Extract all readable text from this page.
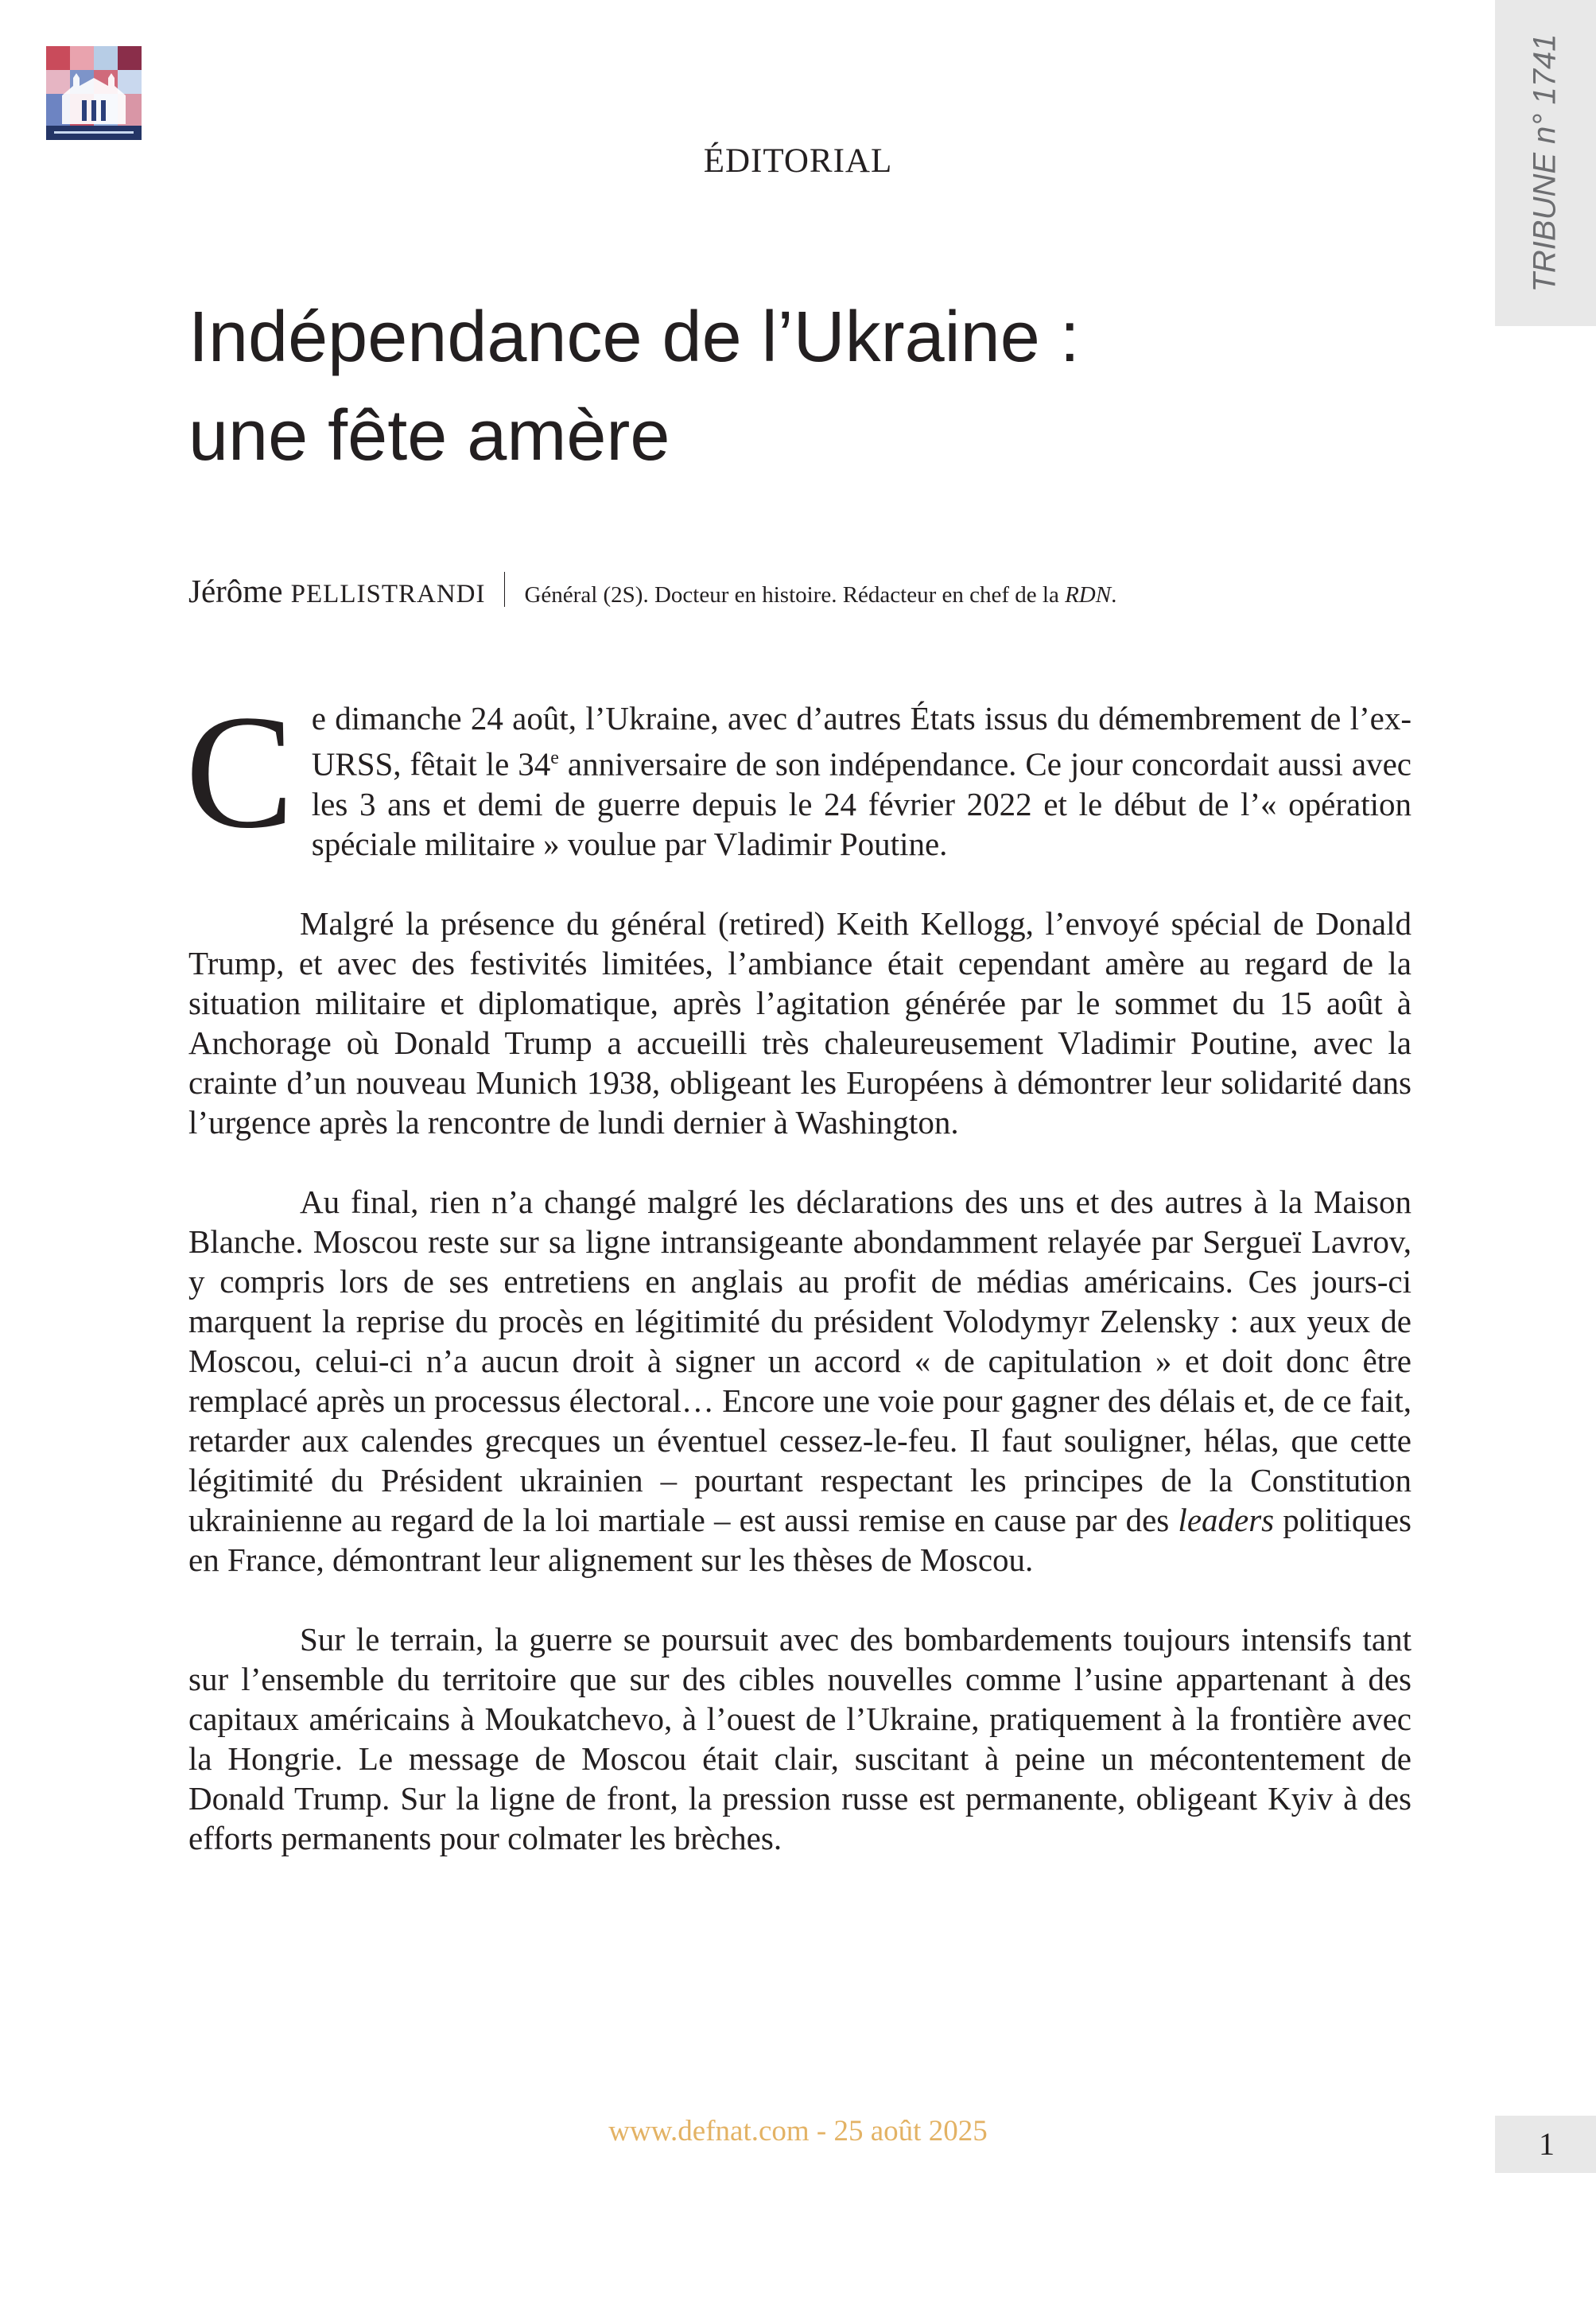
ÉDITORIAL	TRIBUNE n° 1741
Indépendance de l’Ukraine :
une fête amère
Jérôme PELLISTRANDI Général (2S). Docteur en histoire. Rédacteur en chef de la RDN.

Ce dimanche 24 août, l’Ukraine, avec d’autres États issus du démembrement de l’ex-URSS, fêtait le 34e anniversaire de son indépendance. Ce jour concordait aussi avec les 3 ans et demi de guerre depuis le 24 février 2022 et le début de l’« opération spéciale militaire » voulue par Vladimir Poutine.

Malgré la présence du général (retired) Keith Kellogg, l’envoyé spécial de Donald Trump, et avec des festivités limitées, l’ambiance était cependant amère au regard de la situation militaire et diplomatique, après l’agitation générée par le sommet du 15 août à Anchorage où Donald Trump a accueilli très chaleureusement Vladimir Poutine, avec la crainte d’un nouveau Munich 1938, obligeant les Européens à démontrer leur solidarité dans l’urgence après la rencontre de lundi dernier à Washington.

Au final, rien n’a changé malgré les déclarations des uns et des autres à la Maison Blanche. Moscou reste sur sa ligne intransigeante abondamment relayée par Sergueï Lavrov, y compris lors de ses entretiens en anglais au profit de médias américains. Ces jours-ci marquent la reprise du procès en légitimité du président Volodymyr Zelensky : aux yeux de Moscou, celui-ci n’a aucun droit à signer un accord « de capitulation » et doit donc être remplacé après un processus électoral… Encore une voie pour gagner des délais et, de ce fait, retarder aux calendes grecques un éventuel cessez-le-feu. Il faut souligner, hélas, que cette légitimité du Président ukrainien – pourtant respectant les principes de la Constitution ukrainienne au regard de la loi martiale – est aussi remise en cause par des leaders politiques en France, démontrant leur alignement sur les thèses de Moscou.

Sur le terrain, la guerre se poursuit avec des bombardements toujours intensifs tant sur l’ensemble du territoire que sur des cibles nouvelles comme l’usine appartenant à des capitaux américains à Moukatchevo, à l’ouest de l’Ukraine, pratiquement à la frontière avec la Hongrie. Le message de Moscou était clair, suscitant à peine un mécontentement de Donald Trump. Sur la ligne de front, la pression russe est permanente, obligeant Kyiv à des efforts permanents pour colmater les brèches.

www.defnat.com - 25 août 2025	1
